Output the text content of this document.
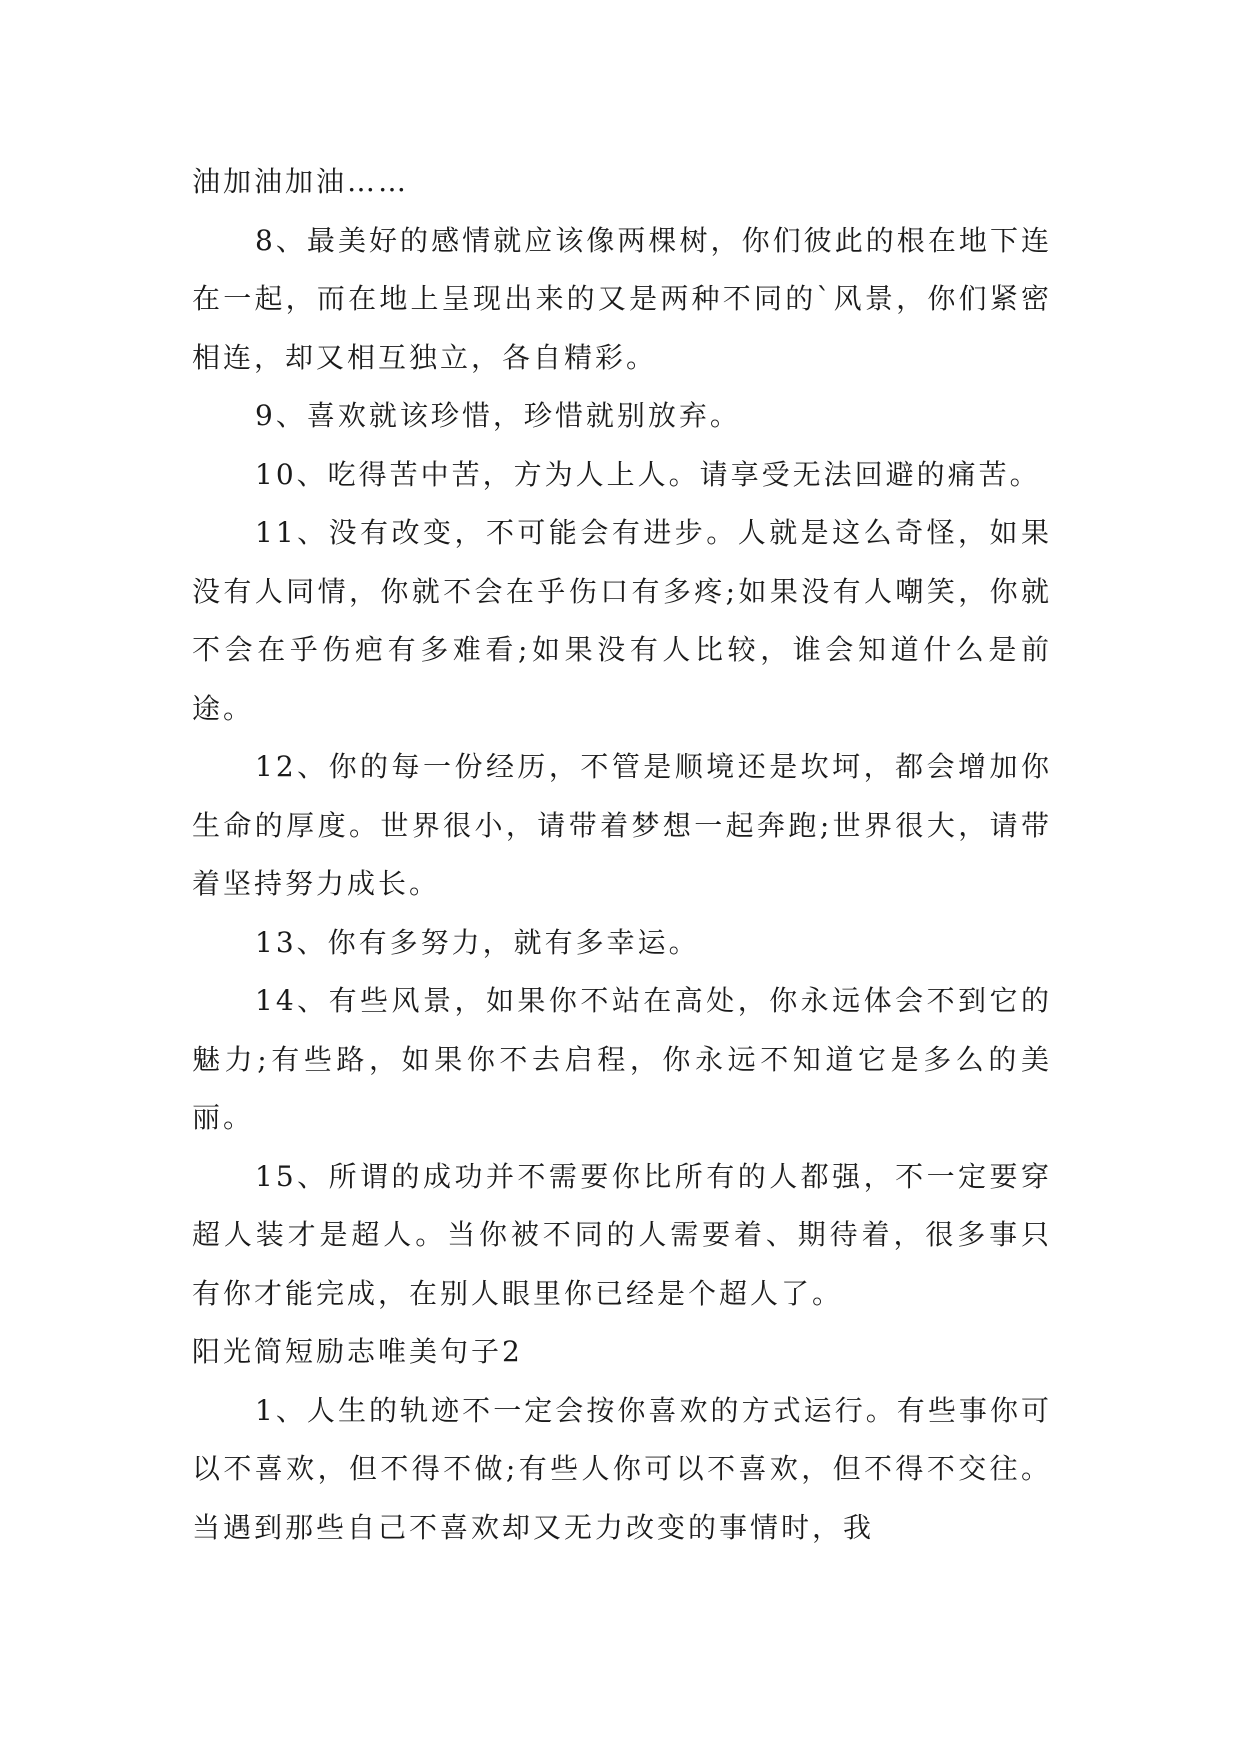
油加油加油……

8、最美好的感情就应该像两棵树，你们彼此的根在地下连在一起，而在地上呈现出来的又是两种不同的`风景，你们紧密相连，却又相互独立，各自精彩。

9、喜欢就该珍惜，珍惜就别放弃。

10、吃得苦中苦，方为人上人。请享受无法回避的痛苦。

11、没有改变，不可能会有进步。人就是这么奇怪，如果没有人同情，你就不会在乎伤口有多疼;如果没有人嘲笑，你就不会在乎伤疤有多难看;如果没有人比较，谁会知道什么是前途。

12、你的每一份经历，不管是顺境还是坎坷，都会增加你生命的厚度。世界很小，请带着梦想一起奔跑;世界很大，请带着坚持努力成长。

13、你有多努力，就有多幸运。

14、有些风景，如果你不站在高处，你永远体会不到它的魅力;有些路，如果你不去启程，你永远不知道它是多么的美丽。

15、所谓的成功并不需要你比所有的人都强，不一定要穿超人装才是超人。当你被不同的人需要着、期待着，很多事只有你才能完成，在别人眼里你已经是个超人了。

阳光简短励志唯美句子2

1、人生的轨迹不一定会按你喜欢的方式运行。有些事你可以不喜欢，但不得不做;有些人你可以不喜欢，但不得不交往。当遇到那些自己不喜欢却又无力改变的事情时，我
